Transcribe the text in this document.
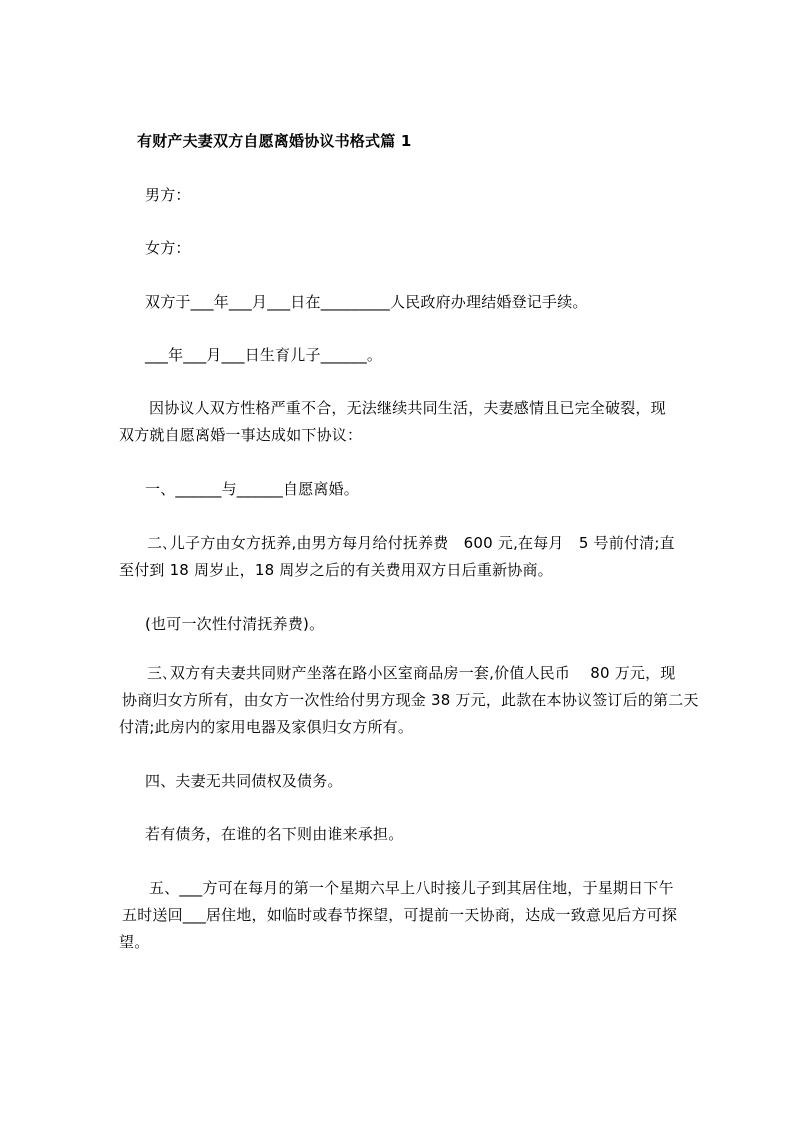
有财产夫妻双方自愿离婚协议书格式篇 1
男方：
女方：
双方于___年___月___日在_________人民政府办理结婚登记手续。
___年___月___日生育儿子______。
因协议人双方性格严重不合，无法继续共同生活，夫妻感情且已完全破裂，现
双方就自愿离婚一事达成如下协议：
一、______与______自愿离婚。
二､儿子方由女方抚养,由男方每月给付抚养费　600 元,在每月　5 号前付清;直
至付到 18 周岁止，18 周岁之后的有关费用双方日后重新协商。
(也可一次性付清抚养费)。
三､双方有夫妻共同财产坐落在路小区室商品房一套,价值人民币　 80 万元，现
协商归女方所有，由女方一次性给付男方现金 38 万元，此款在本协议签订后的第二天
付清;此房内的家用电器及家俱归女方所有。
四、夫妻无共同债权及债务。
若有债务，在谁的名下则由谁来承担。
五、___方可在每月的第一个星期六早上八时接儿子到其居住地，于星期日下午
五时送回___居住地，如临时或春节探望，可提前一天协商，达成一致意见后方可探
望。
